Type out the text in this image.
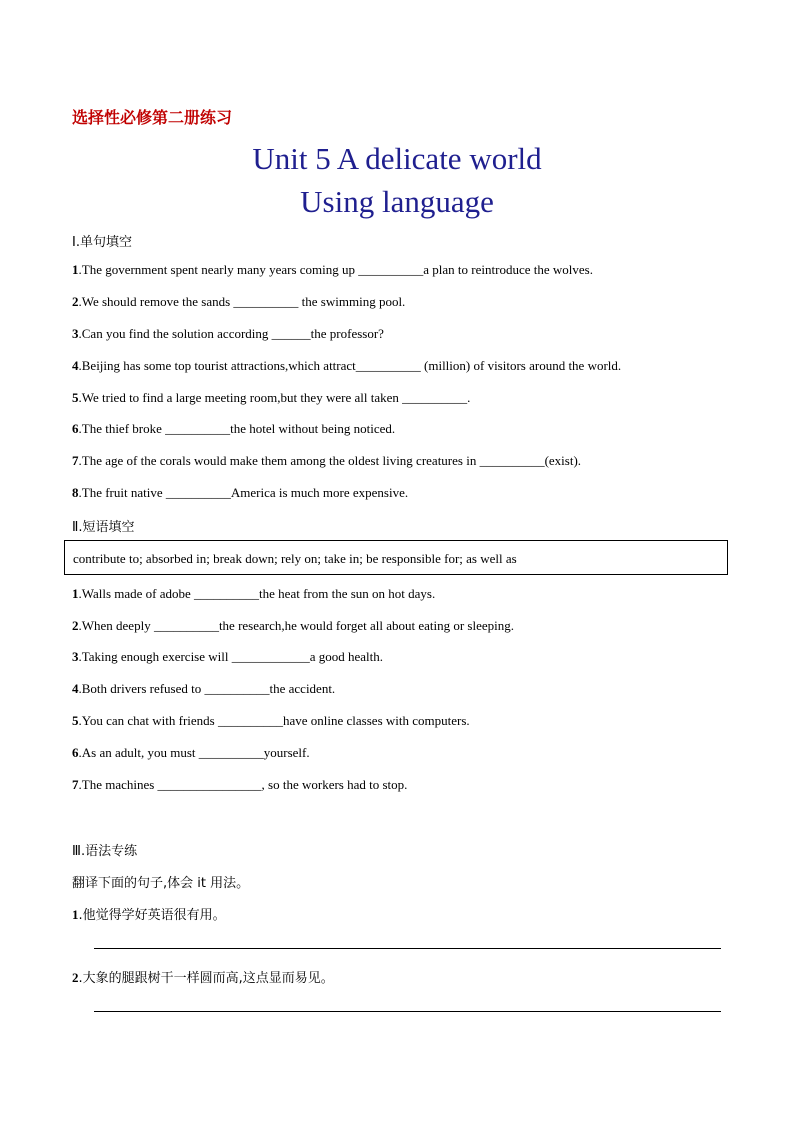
选择性必修第二册练习
Unit 5 A delicate world
Using language
Ⅰ.单句填空
1.The government spent nearly many years coming up __________a plan to reintroduce the wolves.
2.We should remove the sands __________ the swimming pool.
3.Can you find the solution according ______the professor?
4.Beijing has some top tourist attractions,which attract__________ (million) of visitors around the world.
5.We tried to find a large meeting room,but they were all taken __________.
6.The thief broke __________the hotel without being noticed.
7.The age of the corals would make them among the oldest living creatures in __________(exist).
8.The fruit native __________America is much more expensive.
Ⅱ.短语填空
contribute to; absorbed in; break down; rely on; take in; be responsible for; as well as
1.Walls made of adobe __________the heat from the sun on hot days.
2.When deeply __________the research,he would forget all about eating or sleeping.
3.Taking enough exercise will ____________a good health.
4.Both drivers refused to __________the accident.
5.You can chat with friends __________have online classes with computers.
6.As an adult, you must __________yourself.
7.The machines ________________, so the workers had to stop.
Ⅲ.语法专练
翻译下面的句子,体会 it 用法。
1.他觉得学好英语很有用。
2.大象的腿跟树干一样圆而高,这点显而易见。
